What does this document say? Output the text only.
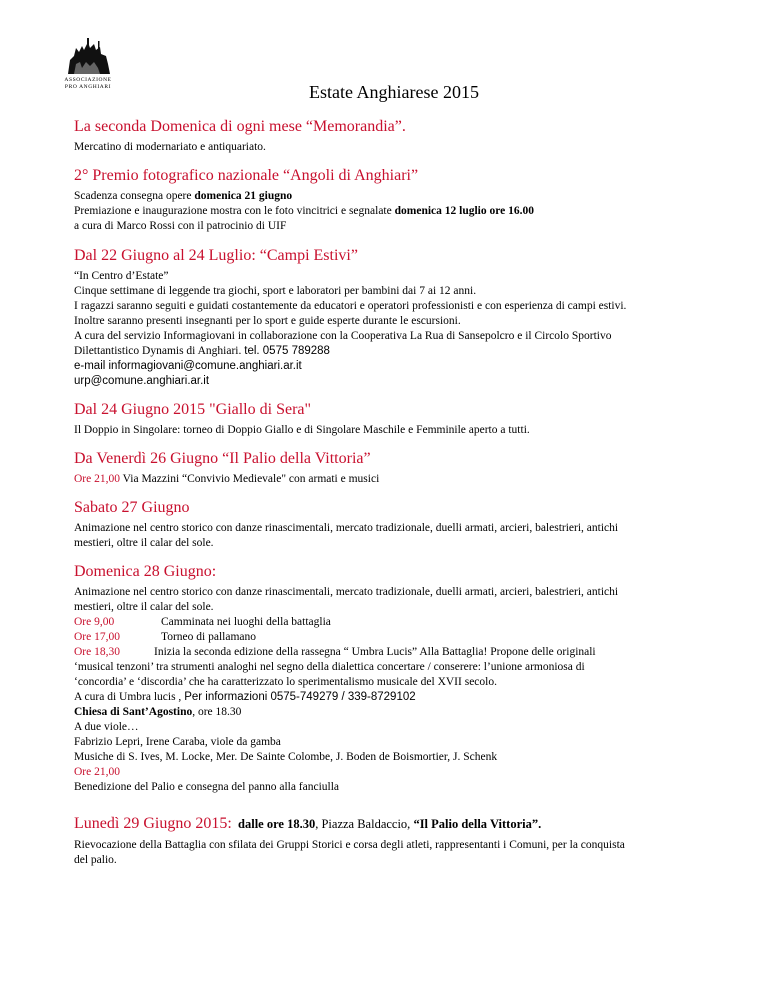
ASSOCIAZIONE
PRO ANGHIARI	Estate Anghiarese 2015
La seconda Domenica di ogni mese “Memorandia”.

Mercatino di modernariato e antiquariato.

2° Premio fotografico nazionale “Angoli di Anghiari”

Scadenza consegna opere domenica 21 giugno

Premiazione e inaugurazione mostra con le foto vincitrici e segnalate domenica 12 luglio ore 16.00

a cura di Marco Rossi con il patrocinio di UIF

Dal 22 Giugno al 24 Luglio: “Campi Estivi”

“In Centro d’Estate”

Cinque settimane di leggende tra giochi, sport e laboratori per bambini dai 7 ai 12 anni.

I ragazzi saranno seguiti e guidati costantemente da educatori e operatori professionisti e con esperienza di campi estivi.

Inoltre saranno presenti insegnanti per lo sport e guide esperte durante le escursioni.

A cura del servizio Informagiovani in collaborazione con la Cooperativa La Rua di Sansepolcro e il Circolo Sportivo

Dilettantistico Dynamis di Anghiari. tel. 0575 789288

e-mail informagiovani@comune.anghiari.ar.it

urp@comune.anghiari.ar.it

Dal 24 Giugno 2015 "Giallo di Sera"

Il Doppio in Singolare: torneo di Doppio Giallo e di Singolare Maschile e Femminile aperto a tutti.

Da Venerdì 26 Giugno “Il Palio della Vittoria”

Ore 21,00 Via Mazzini “Convivio Medievale" con armati e musici

Sabato 27 Giugno

Animazione nel centro storico con danze rinascimentali, mercato tradizionale, duelli armati, arcieri, balestrieri, antichi

mestieri, oltre il calar del sole.

Domenica 28 Giugno:

Animazione nel centro storico con danze rinascimentali, mercato tradizionale, duelli armati, arcieri, balestrieri, antichi

mestieri, oltre il calar del sole.

Ore 9,00	Camminata nei luoghi della battaglia

Ore 17,00	Torneo di pallamano

Ore 18,30	Inizia la seconda edizione della rassegna “ Umbra Lucis” Alla Battaglia! Propone delle originali

‘musical tenzoni’ tra strumenti analoghi nel segno della dialettica concertare / conserere: l’unione armoniosa di

‘concordia’ e ‘discordia’ che ha caratterizzato lo sperimentalismo musicale del XVII secolo.

A cura di Umbra lucis , Per informazioni 0575-749279 / 339-8729102

Chiesa di Sant’Agostino, ore 18.30

A due viole…

Fabrizio Lepri, Irene Caraba, viole da gamba

Musiche di S. Ives, M. Locke, Mer. De Sainte Colombe, J. Boden de Boismortier, J. Schenk

Ore 21,00

Benedizione del Palio e consegna del panno alla fanciulla

Lunedì 29 Giugno 2015: dalle ore 18.30, Piazza Baldaccio, “Il Palio della Vittoria”.

Rievocazione della Battaglia con sfilata dei Gruppi Storici e corsa degli atleti, rappresentanti i Comuni, per la conquista

del palio.
